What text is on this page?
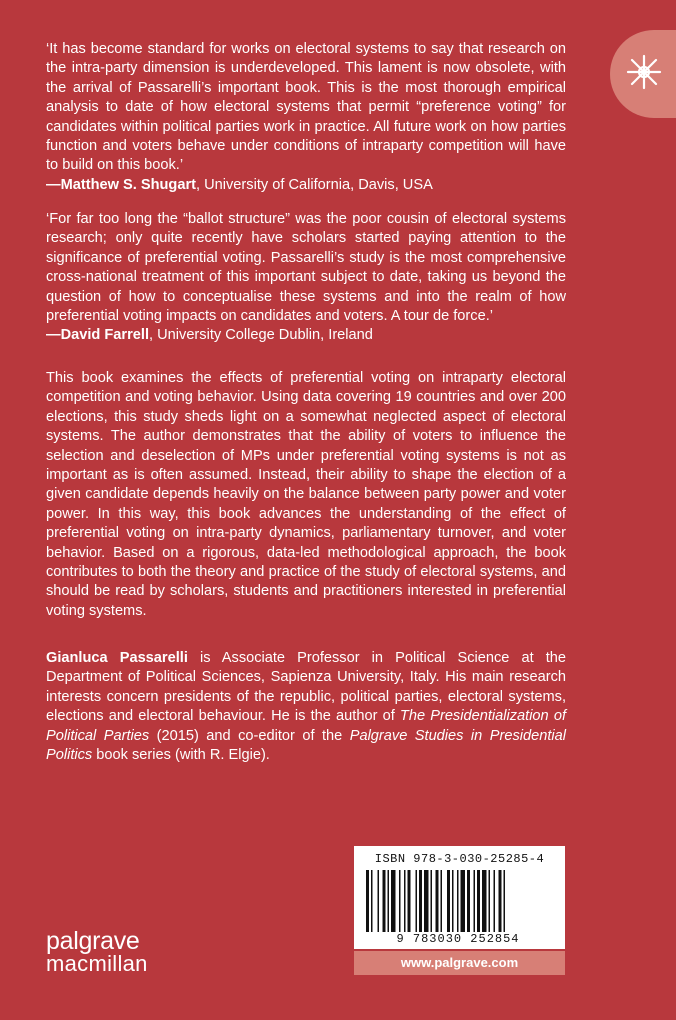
‘It has become standard for works on electoral systems to say that research on the intra-party dimension is underdeveloped. This lament is now obsolete, with the arrival of Passarelli’s important book. This is the most thorough empirical analysis to date of how electoral systems that permit “preference voting” for candidates within political parties work in practice. All future work on how parties function and voters behave under conditions of intraparty competition will have to build on this book.’

—Matthew S. Shugart, University of California, Davis, USA

‘For far too long the “ballot structure” was the poor cousin of electoral systems research; only quite recently have scholars started paying attention to the significance of preferential voting. Passarelli’s study is the most comprehensive cross-national treatment of this important subject to date, taking us beyond the question of how to conceptualise these systems and into the realm of how preferential voting impacts on candidates and voters. A tour de force.’

—David Farrell, University College Dublin, Ireland

This book examines the effects of preferential voting on intraparty electoral competition and voting behavior. Using data covering 19 countries and over 200 elections, this study sheds light on a somewhat neglected aspect of electoral systems. The author demonstrates that the ability of voters to influence the selection and deselection of MPs under preferential voting systems is not as important as is often assumed. Instead, their ability to shape the election of a given candidate depends heavily on the balance between party power and voter power. In this way, this book advances the understanding of the effect of preferential voting on intra-party dynamics, parliamentary turnover, and voter behavior. Based on a rigorous, data-led methodological approach, the book contributes to both the theory and practice of the study of electoral systems, and should be read by scholars, students and practitioners interested in preferential voting systems.

Gianluca Passarelli is Associate Professor in Political Science at the Department of Political Sciences, Sapienza University, Italy. His main research interests concern presidents of the republic, political parties, electoral systems, elections and electoral behaviour. He is the author of The Presidentialization of Political Parties (2015) and co-editor of the Palgrave Studies in Presidential Politics book series (with R. Elgie).

ISBN 978-3-030-25285-4
9 783030 252854
www.palgrave.com
palgrave
macmillan
